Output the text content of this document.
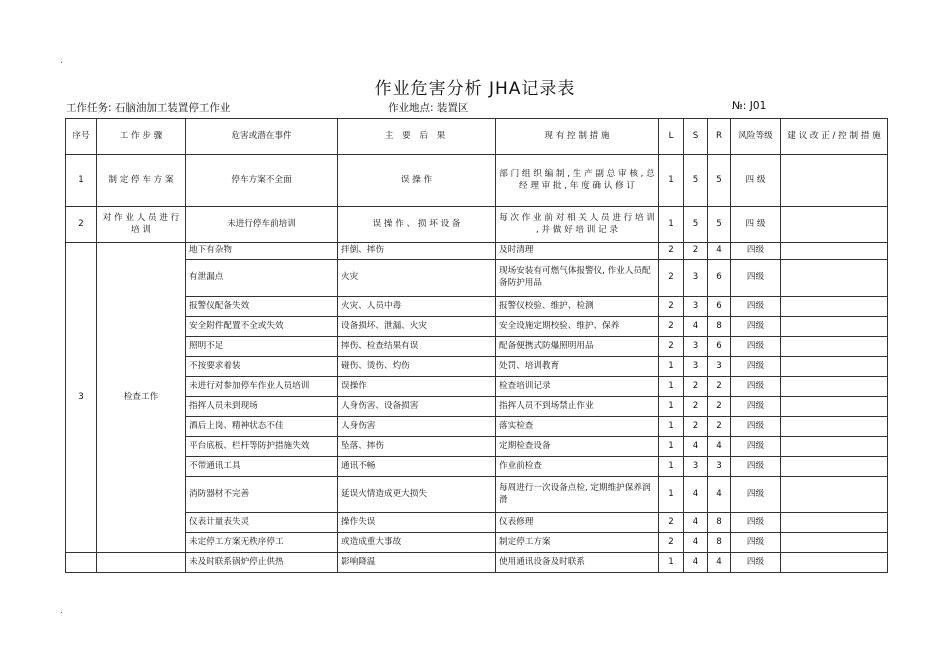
.
.
作业危害分析 JHA记录表
工作任务: 石脑油加工装置停工作业	作业地点: 装置区	№: J01
序号	工 作 步 骤	危害或潜在事件	主 要 后 果	现 有 控 制 措 施	L	S	R	风险等级	建 议 改 正 / 控 制 措 施
1	制 定 停 车 方 案	停车方案不全面	误 操 作	部 门 组 织 编 制 , 生 产 副 总 审 核 , 总 经 理 审 批 , 年 度 确 认 修 订	1	5	5	四 级	
2	对 作 业 人 员 进 行 培 训	未进行停车前培训	误 操 作 、 损 坏 设 备	每 次 作 业 前 对 相 关 人 员 进 行 培 训 , 并 做 好 培 训 记 录	1	5	5	四 级	
3	检查工作	地下有杂物	拌倒、摔伤	及时清理	2	2	4	四级	
		有泄漏点	火灾	现场安装有可燃气体报警仪, 作业人员配备防护用品	2	3	6	四级	
		报警仪配备失效	火灾、人员中毒	报警仪校验、维护、检测	2	3	6	四级	
		安全附件配置不全或失效	设备损坏、泄漏、火灾	安全设施定期校验、维护、保养	2	4	8	四级	
		照明不足	摔伤、检查结果有误	配备便携式防爆照明用品	2	3	6	四级	
		不按要求着装	碰伤、烫伤、灼伤	处罚、培训教育	1	3	3	四级	
		未进行对参加停车作业人员培训	误操作	检查培训记录	1	2	2	四级	
		指挥人员未到现场	人身伤害、设备损害	指挥人员不到场禁止作业	1	2	2	四级	
		酒后上岗、精神状态不佳	人身伤害	落实检查	1	2	2	四级	
		平台底板、栏杆等防护措施失效	坠落、摔伤	定期检查设备	1	4	4	四级	
		不带通讯工具	通讯不畅	作业前检查	1	3	3	四级	
		消防器材不完善	延误火情造成更大损失	每周进行一次设备点检, 定期维护保养润滑	1	4	4	四级	
		仪表计量表失灵	操作失误	仪表修理	2	4	8	四级	
		未定停工方案无秩序停工	或造成重大事故	制定停工方案	2	4	8	四级	
		未及时联系锅炉停止供热	影响降温	使用通讯设备及时联系	1	4	4	四级	
